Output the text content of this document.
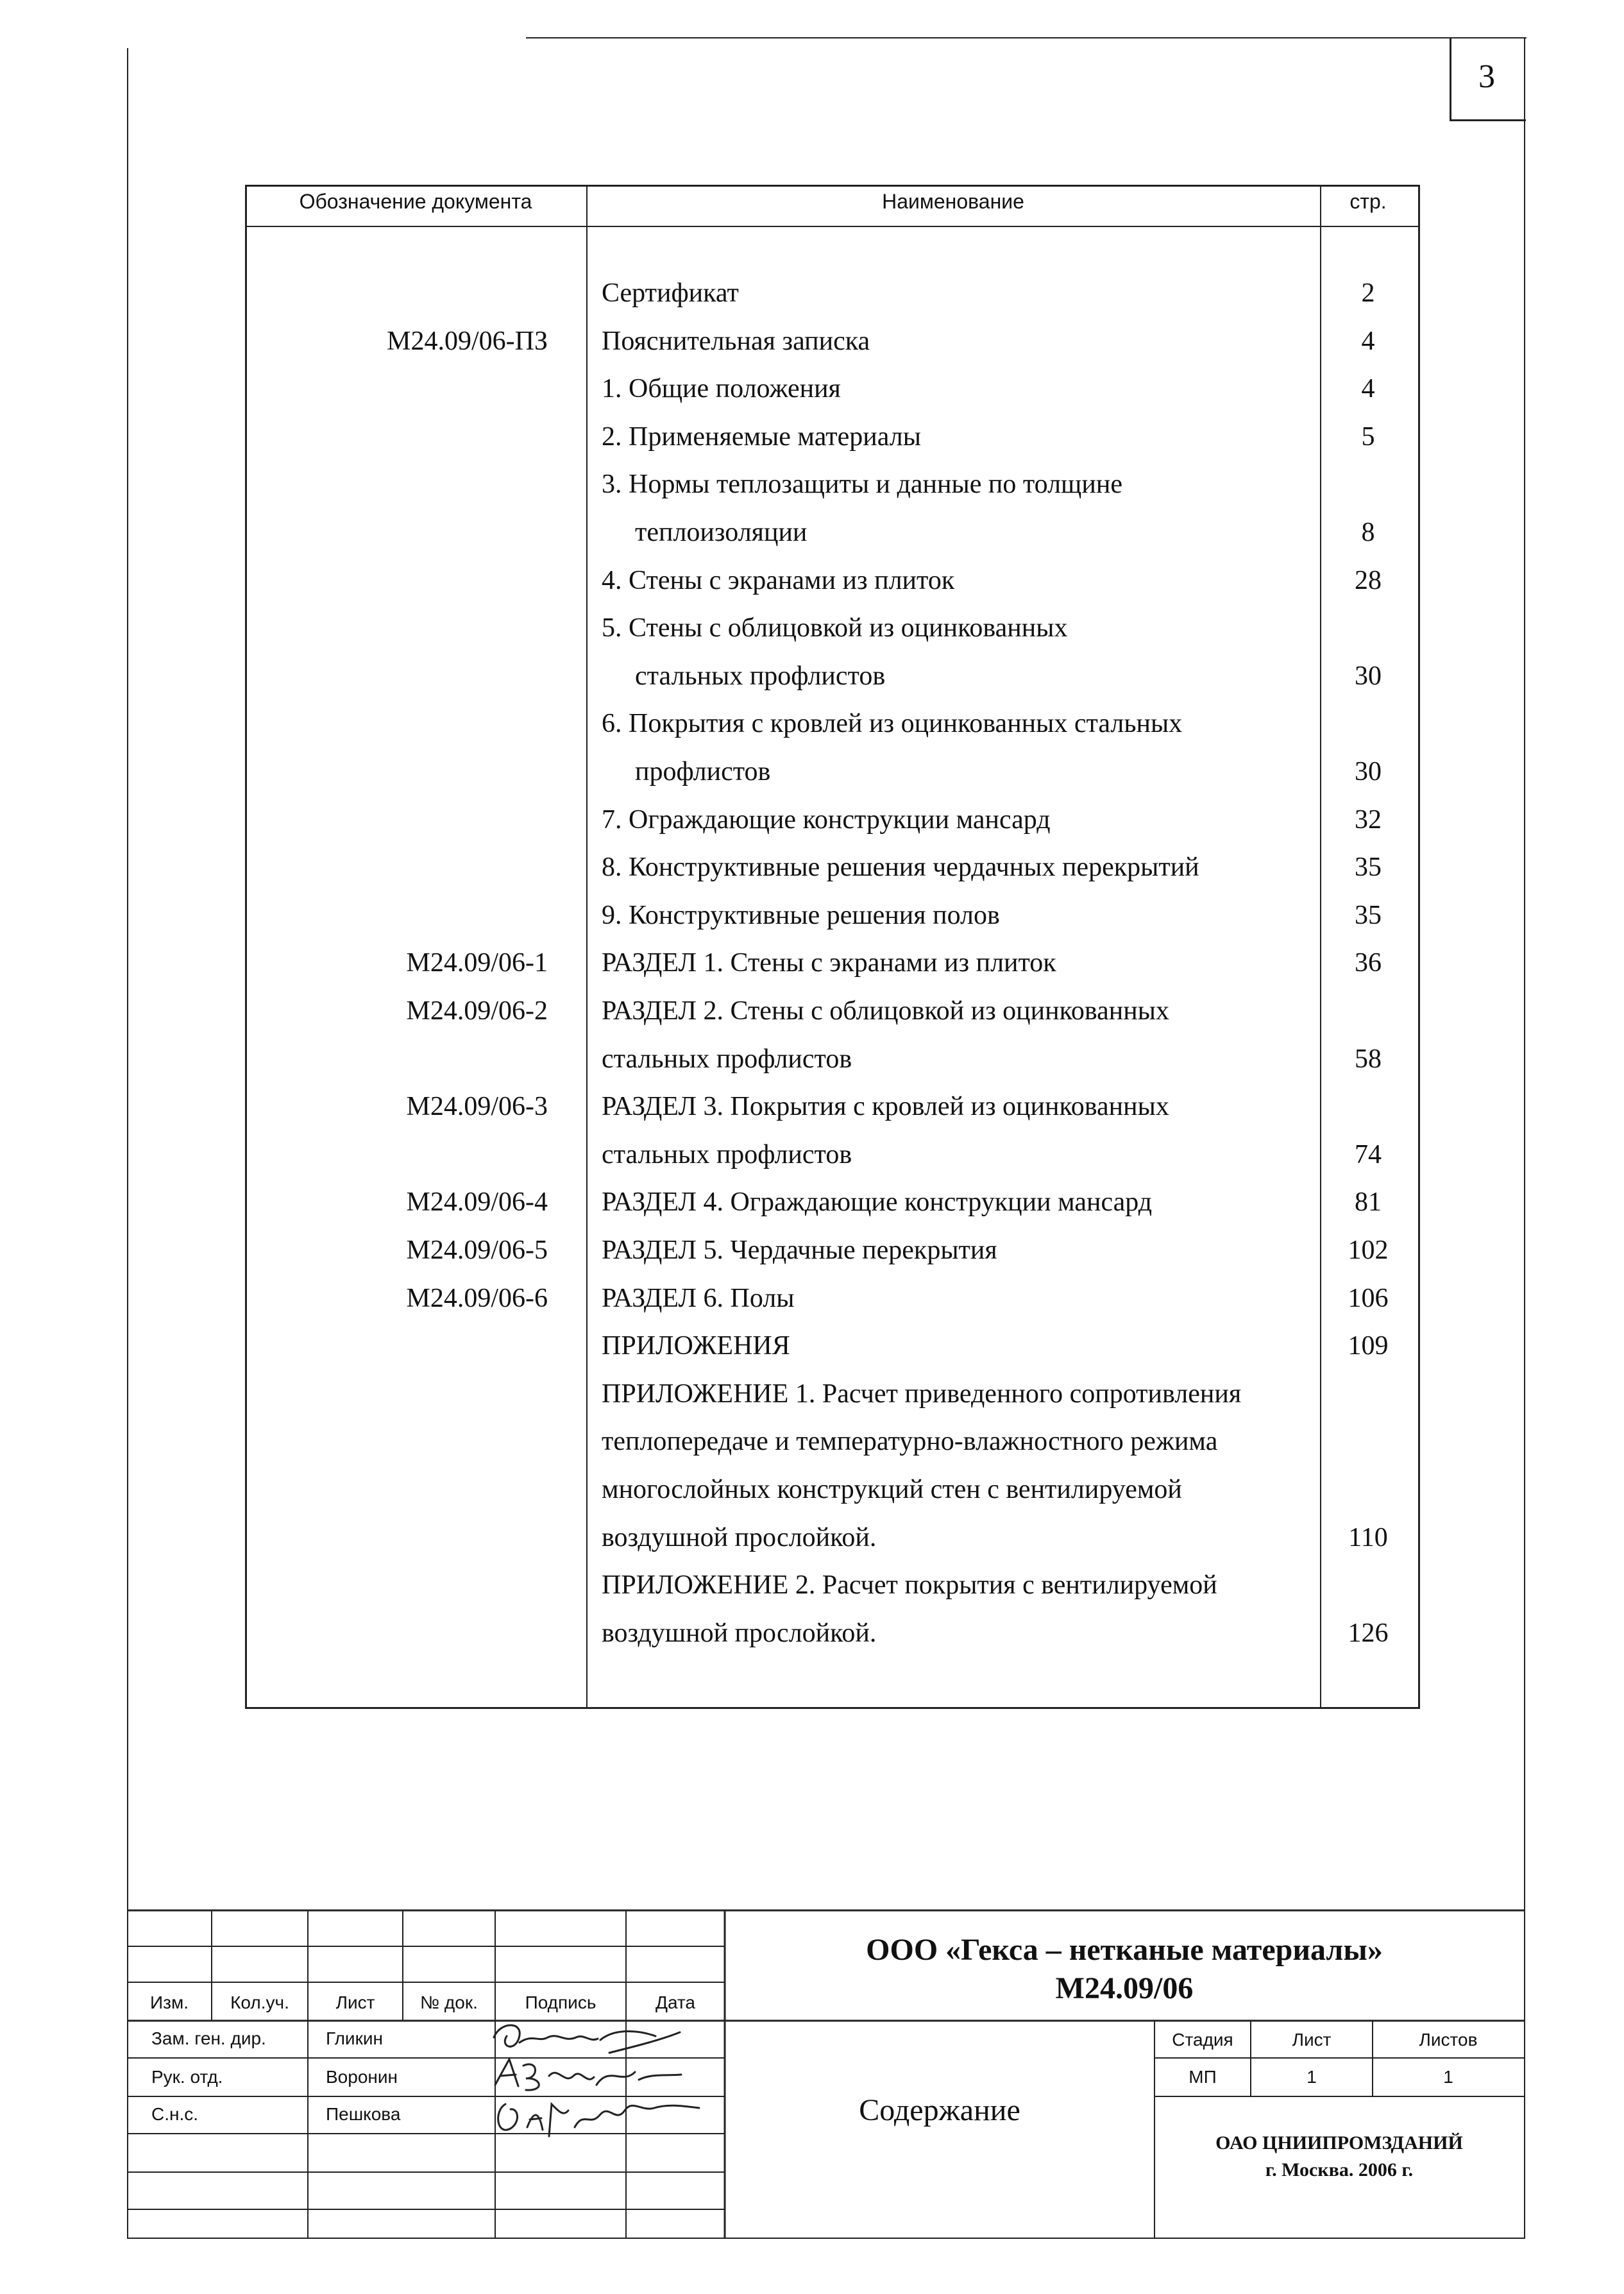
3
Обозначение документа	Наименование	стр.
Сертификат	2
М24.09/06-ПЗ Пояснительная записка	4
1. Общие положения	4
2. Применяемые материалы	5
3. Нормы теплозащиты и данные по толщине
теплоизоляции	8
4. Стены с экранами из плиток	28
5. Стены с облицовкой из оцинкованных
стальных профлистов	30
6. Покрытия с кровлей из оцинкованных стальных
профлистов	30
7. Ограждающие конструкции мансард	32
8. Конструктивные решения чердачных перекрытий	35
9. Конструктивные решения полов	35
М24.09/06-1 РАЗДЕЛ 1. Стены с экранами из плиток	36
М24.09/06-2 РАЗДЕЛ 2. Стены с облицовкой из оцинкованных
стальных профлистов	58
М24.09/06-3 РАЗДЕЛ 3. Покрытия с кровлей из оцинкованных
стальных профлистов	74
М24.09/06-4 РАЗДЕЛ 4. Ограждающие конструкции мансард	81
М24.09/06-5 РАЗДЕЛ 5. Чердачные перекрытия	102
М24.09/06-6 РАЗДЕЛ 6. Полы	106
ПРИЛОЖЕНИЯ	109
ПРИЛОЖЕНИЕ 1. Расчет приведенного сопротивления
теплопередаче и температурно-влажностного режима
многослойных конструкций стен с вентилируемой
воздушной прослойкой.	110
ПРИЛОЖЕНИЕ 2. Расчет покрытия с вентилируемой
воздушной прослойкой.	126
Изм.	Кол.уч.	Лист	№ док.	Подпись	Дата
Зам. ген. дир.	Гликин
Рук. отд.	Воронин
С.н.с.	Пешкова
ООО «Гекса – нетканые материалы»
М24.09/06
Содержание
Стадия	Лист	Листов
МП	1	1
ОАО ЦНИИПРОМЗДАНИЙ
г. Москва. 2006 г.
